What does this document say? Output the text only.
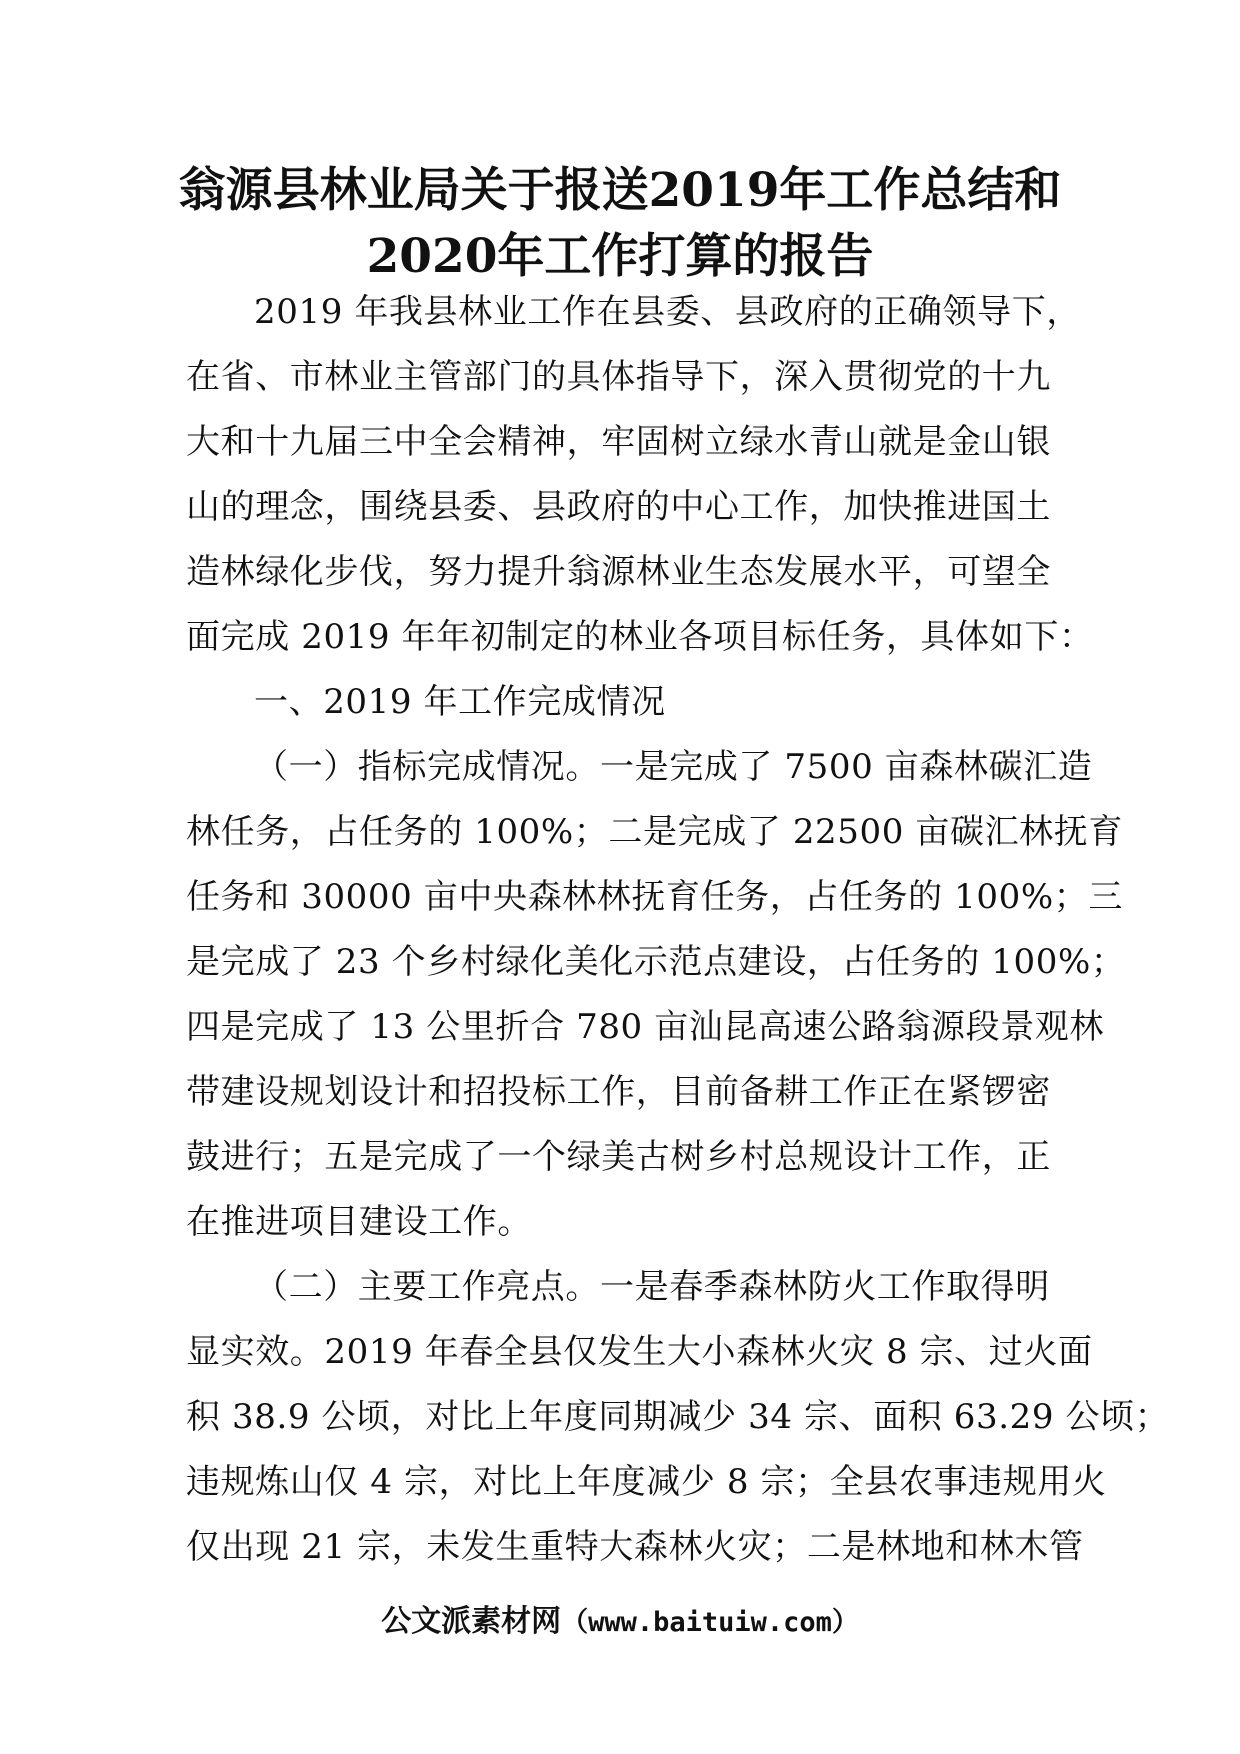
翁源县林业局关于报送2019年工作总结和
2020年工作打算的报告
2019 年我县林业工作在县委、县政府的正确领导下，
在省、市林业主管部门的具体指导下，深入贯彻党的十九
大和十九届三中全会精神，牢固树立绿水青山就是金山银
山的理念，围绕县委、县政府的中心工作，加快推进国土
造林绿化步伐，努力提升翁源林业生态发展水平，可望全
面完成 2019 年年初制定的林业各项目标任务，具体如下：
一、2019 年工作完成情况
（一）指标完成情况。一是完成了 7500 亩森林碳汇造
林任务，占任务的 100%；二是完成了 22500 亩碳汇林抚育
任务和 30000 亩中央森林林抚育任务，占任务的 100%；三
是完成了 23 个乡村绿化美化示范点建设，占任务的 100%；
四是完成了 13 公里折合 780 亩汕昆高速公路翁源段景观林
带建设规划设计和招投标工作，目前备耕工作正在紧锣密
鼓进行；五是完成了一个绿美古树乡村总规设计工作，正
在推进项目建设工作。
（二）主要工作亮点。一是春季森林防火工作取得明
显实效。2019 年春全县仅发生大小森林火灾 8 宗、过火面
积 38.9 公顷，对比上年度同期减少 34 宗、面积 63.29 公顷；
违规炼山仅 4 宗，对比上年度减少 8 宗；全县农事违规用火
仅出现 21 宗，未发生重特大森林火灾；二是林地和林木管
公文派素材网（www.baituiw.com）
